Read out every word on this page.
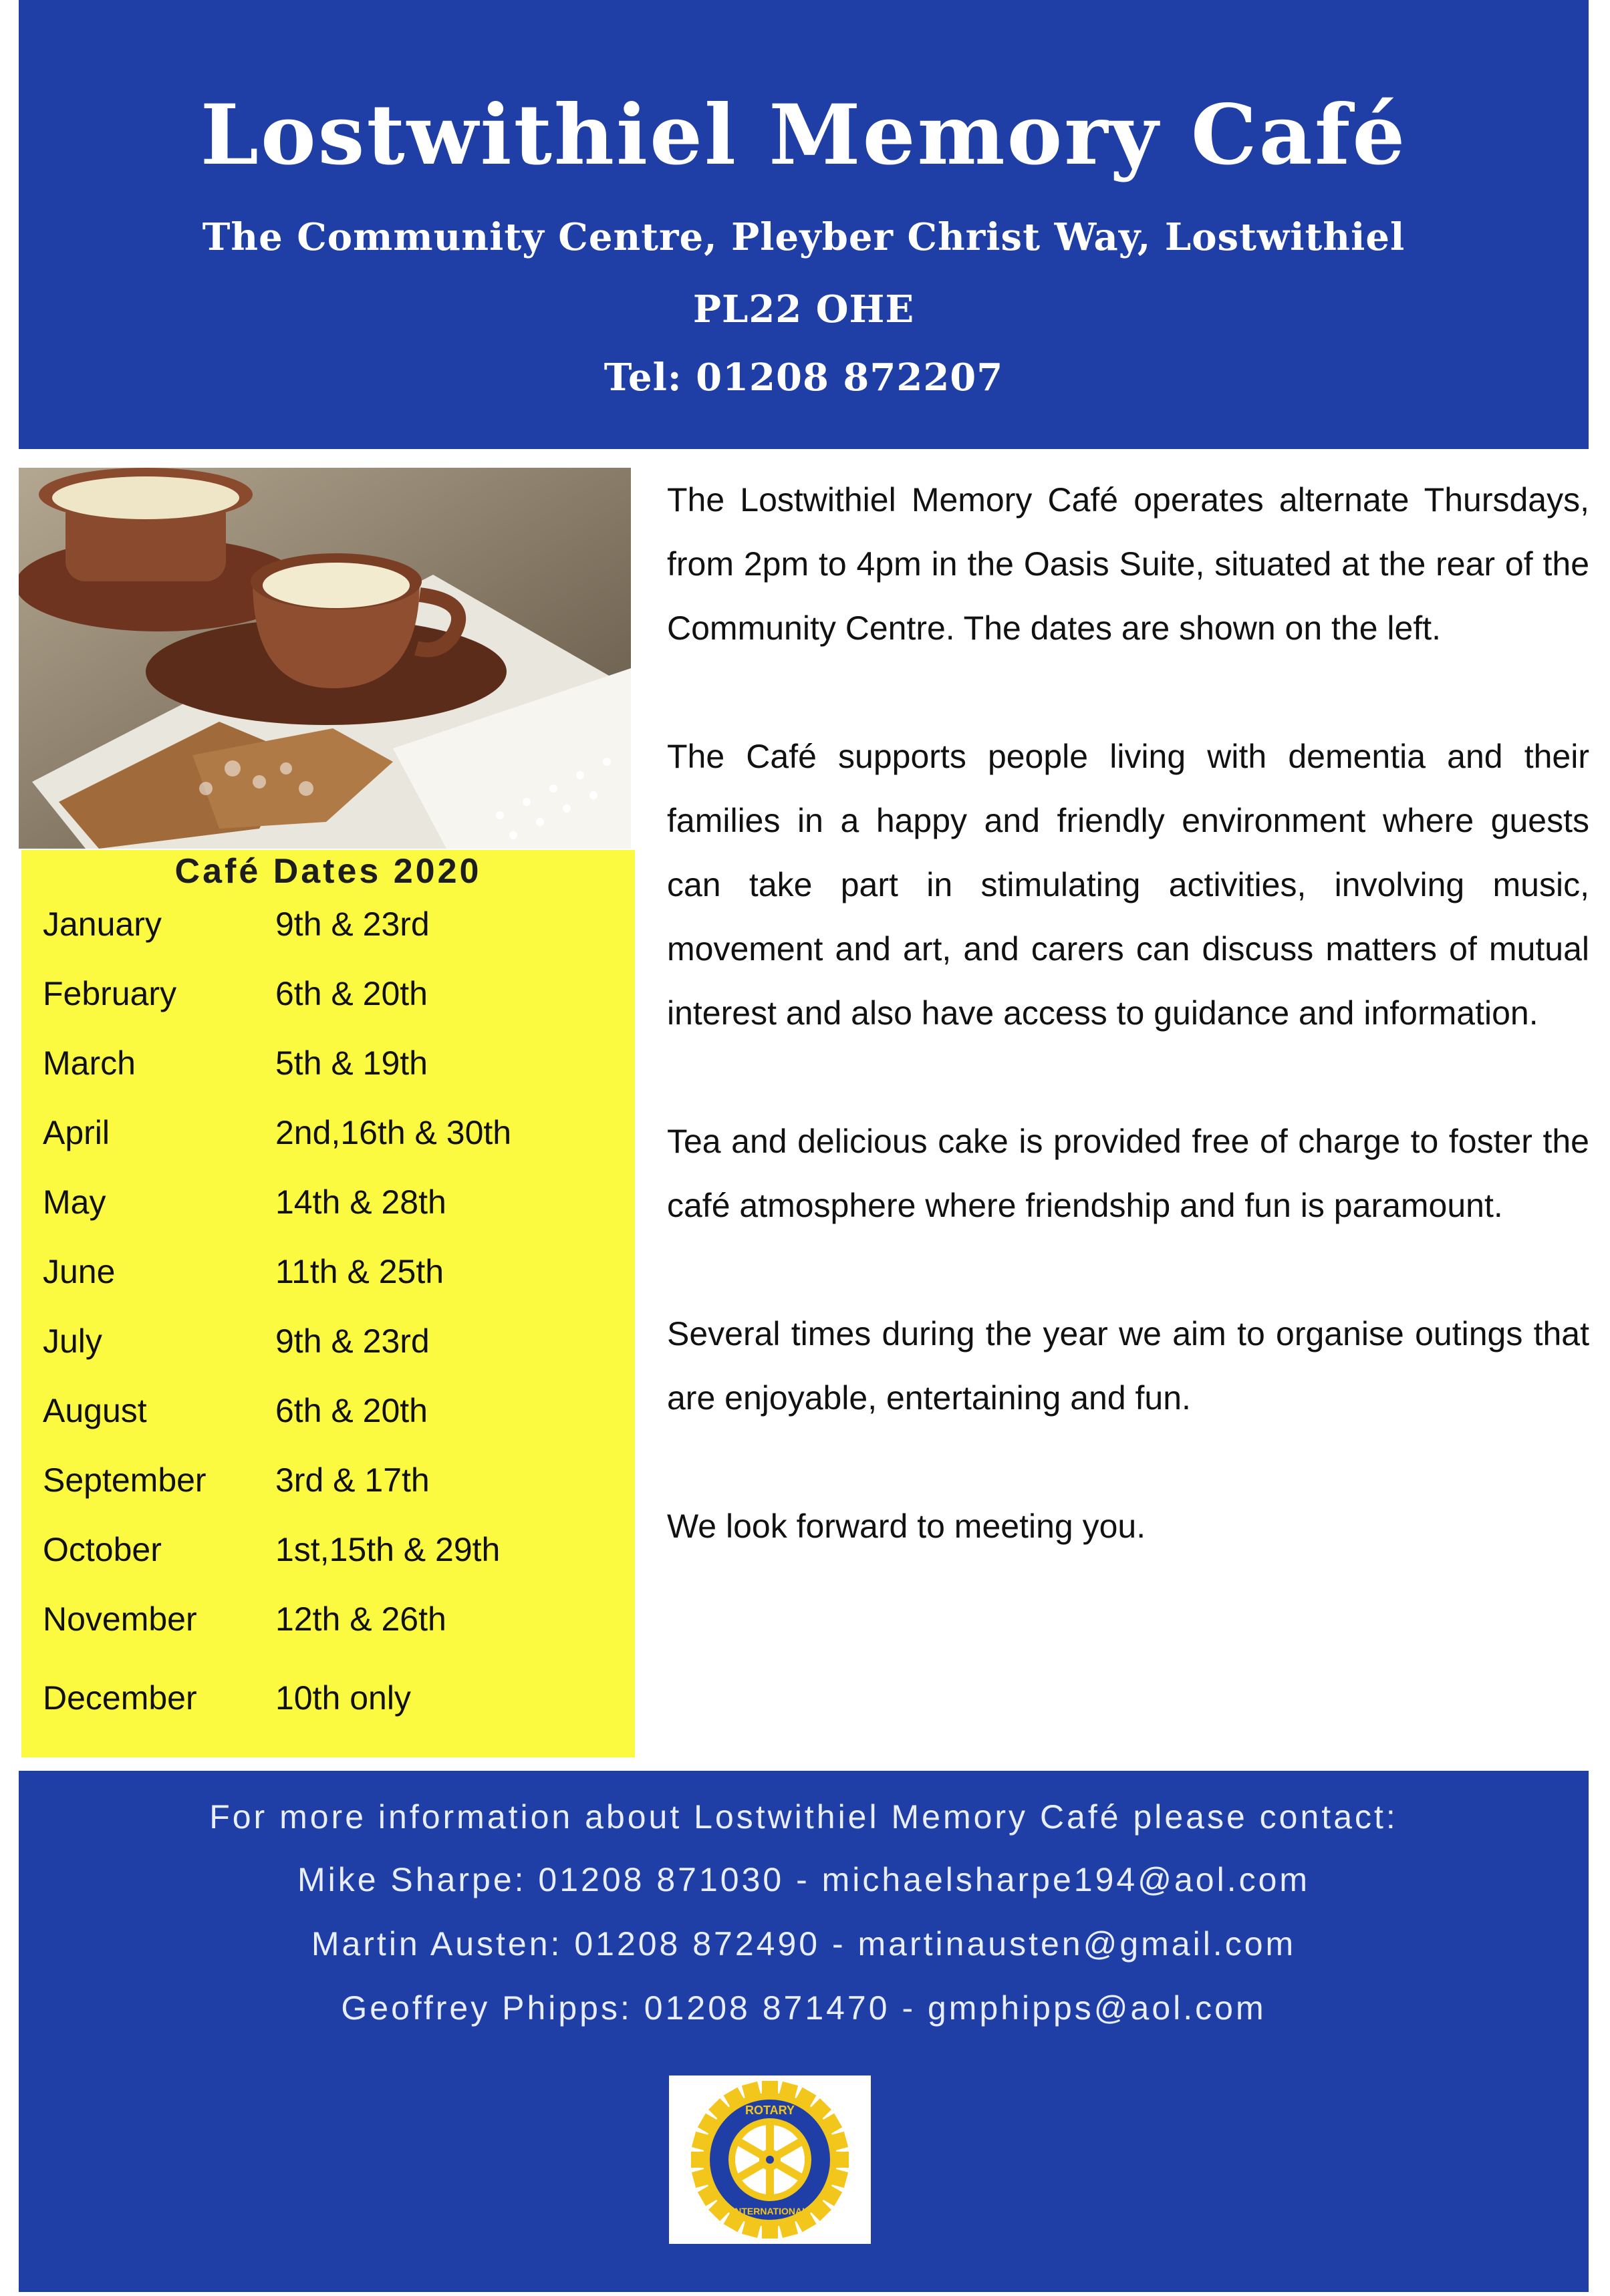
Lostwithiel Memory Café
The Community Centre, Pleyber Christ Way, Lostwithiel
PL22 OHE
Tel: 01208 872207
Café Dates 2020
January	9th & 23rd
February	6th & 20th
March	5th & 19th
April	2nd,16th & 30th
May	14th & 28th
June	11th & 25th
July	9th & 23rd
August	6th & 20th
September 3rd & 17th
October	1st,15th & 29th
November 12th & 26th
December 10th only

The Lostwithiel Memory Café operates alternate Thursdays, from 2pm to 4pm in the Oasis Suite, situated at the rear of the Community Centre. The dates are shown on the left.

The Café supports people living with dementia and their families in a happy and friendly environment where guests can take part in stimulating activities, involving music, movement and art, and carers can discuss matters of mutual interest and also have access to guidance and information.

Tea and delicious cake is provided free of charge to foster the café atmosphere where friendship and fun is paramount.

Several times during the year we aim to organise outings that are enjoyable, entertaining and fun.

We look forward to meeting you.

For more information about Lostwithiel Memory Café please contact:
Mike Sharpe: 01208 871030 - michaelsharpe194@aol.com
Martin Austen: 01208 872490 - martinausten@gmail.com
Geoffrey Phipps: 01208 871470 - gmphipps@aol.com
ROTARY
INTERNATIONAL
